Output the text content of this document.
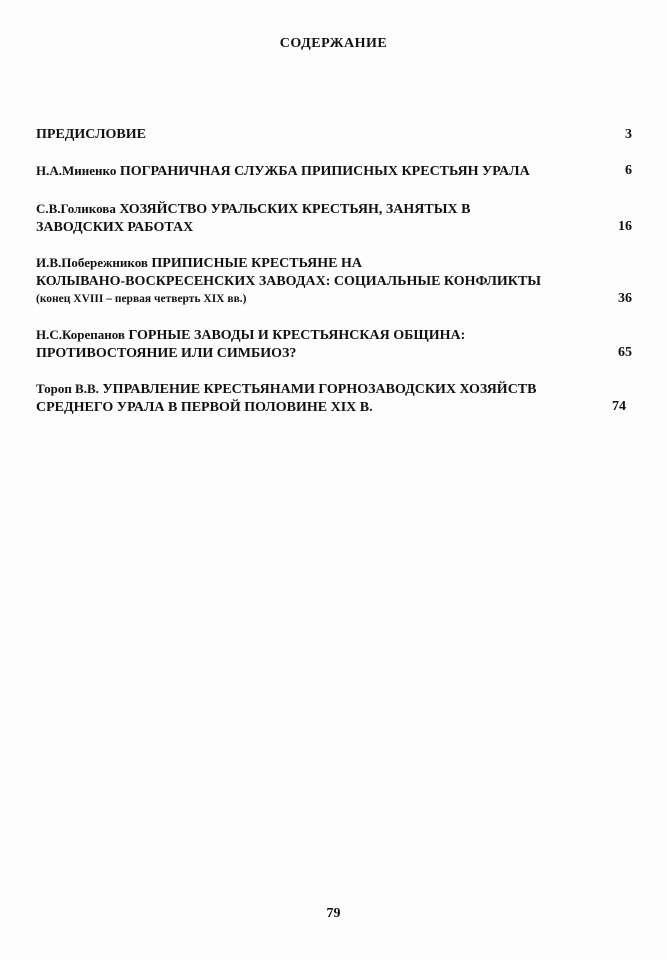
СОДЕРЖАНИЕ
ПРЕДИСЛОВИЕ	3
Н.А.Миненко ПОГРАНИЧНАЯ СЛУЖБА ПРИПИСНЫХ КРЕСТЬЯН УРАЛА	6
С.В.Голикова ХОЗЯЙСТВО УРАЛЬСКИХ КРЕСТЬЯН, ЗАНЯТЫХ В
ЗАВОДСКИХ РАБОТАХ	16
И.В.Побережников ПРИПИСНЫЕ КРЕСТЬЯНЕ НА
КОЛЫВАНО-ВОСКРЕСЕНСКИХ ЗАВОДАХ: СОЦИАЛЬНЫЕ КОНФЛИКТЫ
(конец XVIII – первая четверть XIX вв.)	36
Н.С.Корепанов ГОРНЫЕ ЗАВОДЫ И КРЕСТЬЯНСКАЯ ОБЩИНА:
ПРОТИВОСТОЯНИЕ ИЛИ СИМБИОЗ?	65
Тороп В.В. УПРАВЛЕНИЕ КРЕСТЬЯНАМИ ГОРНОЗАВОДСКИХ ХОЗЯЙСТВ
СРЕДНЕГО УРАЛА В ПЕРВОЙ ПОЛОВИНЕ XIX В.	74
79
